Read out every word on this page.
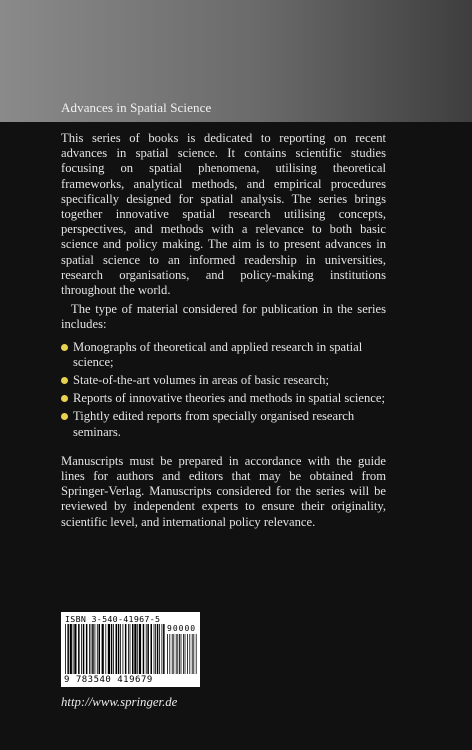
Advances in Spatial Science

This series of books is dedicated to reporting on recent advances in spatial science. It contains scientific studies focusing on spatial phenomena, utilising theoretical frameworks, analytical methods, and empirical procedures specifically designed for spatial analysis. The series brings together innovative spatial research utilising concepts, perspectives, and methods with a relevance to both basic science and policy making. The aim is to present advances in spatial science to an informed readership in universities, research organisations, and policy-making institutions throughout the world.

The type of material considered for publication in the series includes:

Monographs of theoretical and applied research in spatial science;
State-of-the-art volumes in areas of basic research;
Reports of innovative theories and methods in spatial science;
Tightly edited reports from specially organised research seminars.

Manuscripts must be prepared in accordance with the guide lines for authors and editors that may be obtained from Springer-Verlag. Manuscripts considered for the series will be reviewed by independent experts to ensure their originality, scientific level, and international policy relevance.

ISBN 3-540-41967-5
90000
9 783540 419679
http://www.springer.de
